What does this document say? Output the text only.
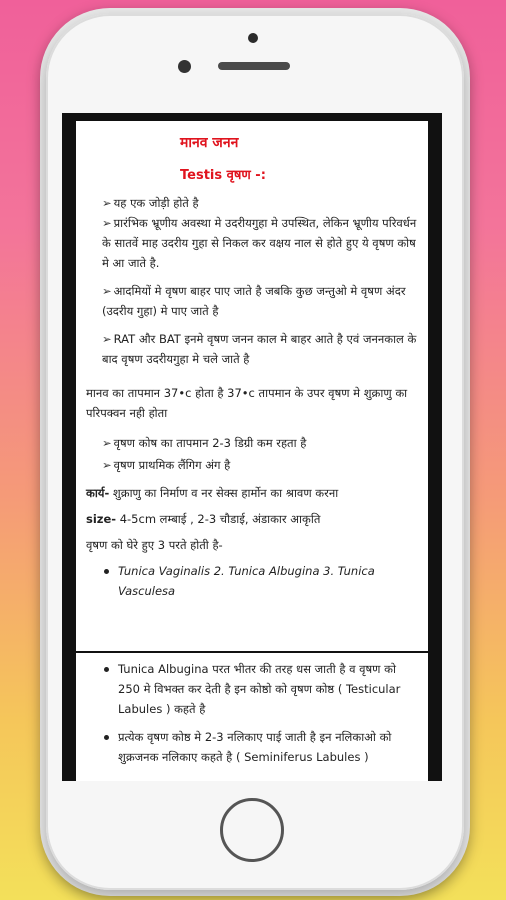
मानव जनन
Testis वृषण -:
➢ यह एक जोड़ी होते है
➢ प्रारंभिक भ्रूणीय अवस्था मे उदरीयगुहा मे उपस्थित, लेकिन भ्रूणीय परिवर्धन के सातवें माह उदरीय गुहा से निकल कर वक्षय नाल से होते हुए ये वृषण कोष मे आ जाते है.
➢ आदमियों मे वृषण बाहर पाए जाते है जबकि कुछ जन्तुओ मे वृषण अंदर (उदरीय गुहा) मे पाए जाते है
➢ RAT और BAT इनमे वृषण जनन काल मे बाहर आते है एवं जननकाल के बाद वृषण उदरीयगुहा मे चले जाते है
मानव का तापमान 37•c होता है 37•c तापमान के उपर वृषण मे शुक्राणु का परिपक्वन नही होता
➢ वृषण कोष का तापमान 2-3 डिग्री कम रहता है
➢ वृषण प्राथमिक लैंगिग अंग है
कार्य- शुक्राणु का निर्माण व नर सेक्स हार्मोन का श्रावण करना
size- 4-5cm लम्बाई , 2-3 चौडाई, अंडाकार आकृति
वृषण को घेरे हुए 3 परते होती है-
Tunica Vaginalis 2. Tunica Albugina 3. Tunica Vasculesa
Tunica Albugina परत भीतर की तरह धस जाती है व वृषण को 250 मे विभक्त कर देती है इन कोष्ठो को वृषण कोष्ठ ( Testicular Labules ) कहते है
प्रत्येक वृषण कोष्ठ मे 2-3 नलिकाए पाई जाती है इन नलिकाओ को शुक्रजनक नलिकाए कहते है ( Seminiferus Labules )
